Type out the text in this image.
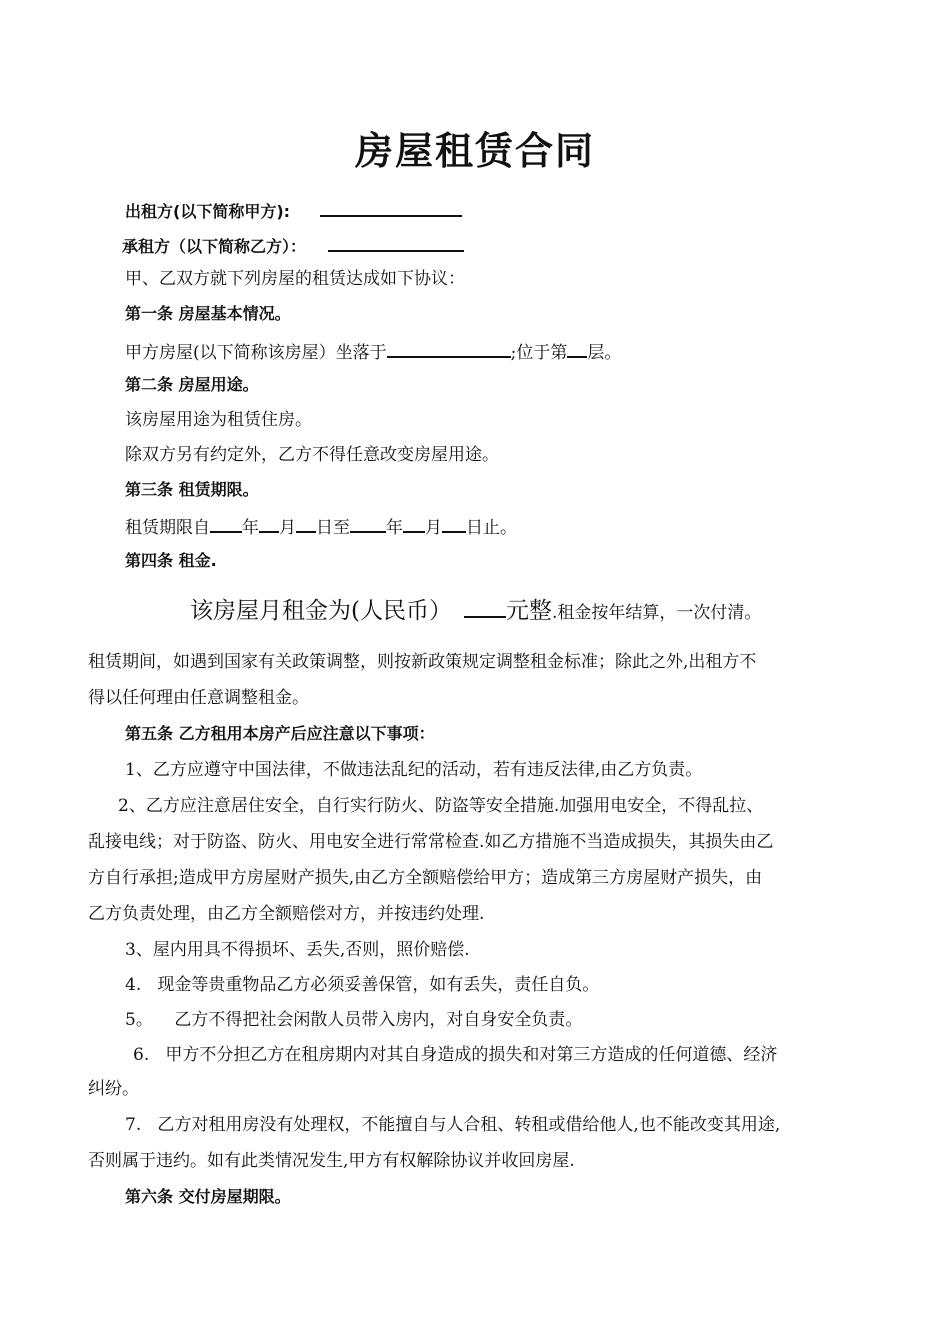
房屋租赁合同
出租方(以下简称甲方):
承租方（以下简称乙方）：
甲、乙双方就下列房屋的租赁达成如下协议：
第一条 房屋基本情况。
甲方房屋(以下简称该房屋）坐落于	;位于第 层。
第二条 房屋用途。
该房屋用途为租赁住房。
除双方另有约定外，乙方不得任意改变房屋用途。
第三条 租赁期限。
租赁期限自 年 月 日至 年 月 日止。
第四条 租金.
该房屋月租金为(人民币） 元整.租金按年结算，一次付清。
租赁期间，如遇到国家有关政策调整，则按新政策规定调整租金标准；除此之外,出租方不
得以任何理由任意调整租金。
第五条 乙方租用本房产后应注意以下事项：
1、乙方应遵守中国法律，不做违法乱纪的活动，若有违反法律,由乙方负责。
2、乙方应注意居住安全，自行实行防火、防盗等安全措施.加强用电安全，不得乱拉、
乱接电线；对于防盗、防火、用电安全进行常常检查.如乙方措施不当造成损失，其损失由乙
方自行承担;造成甲方房屋财产损失,由乙方全额赔偿给甲方；造成第三方房屋财产损失，由
乙方负责处理，由乙方全额赔偿对方，并按违约处理.
3、屋内用具不得损坏、丢失,否则，照价赔偿.
4.   现金等贵重物品乙方必须妥善保管，如有丢失，责任自负。
5。    乙方不得把社会闲散人员带入房内，对自身安全负责。
6.   甲方不分担乙方在租房期内对其自身造成的损失和对第三方造成的任何道德、经济
纠纷。
7.   乙方对租用房没有处理权，不能擅自与人合租、转租或借给他人,也不能改变其用途,
否则属于违约。如有此类情况发生,甲方有权解除协议并收回房屋.
第六条 交付房屋期限。
